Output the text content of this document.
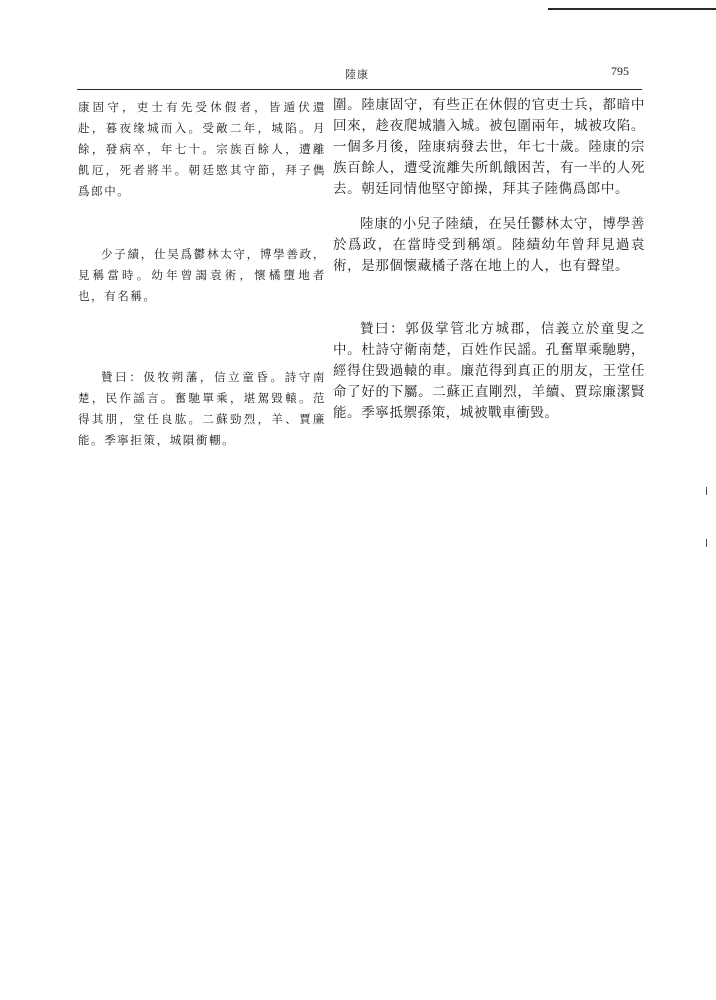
陸康	795

康固守，吏士有先受休假者，皆遁伏還赴，暮夜缘城而入。受敵二年，城陷。月餘，發病卒，年七十。宗族百餘人，遭離飢厄，死者將半。朝廷愍其守節，拜子儁爲郎中。

少子績，仕吴爲鬱林太守，博學善政，見稱當時。幼年曾謁袁術，懷橘墮地者也，有名稱。

贊曰：伋牧朔藩，信立童昏。詩守南楚，民作謡言。奮馳單乘，堪駕毀轅。范得其朋，堂任良肱。二蘇勁烈，羊、賈廉能。季寧拒策，城隕衝輣。

圍。陸康固守，有些正在休假的官吏士兵，都暗中回來，趁夜爬城牆入城。被包圍兩年，城被攻陷。一個多月後，陸康病發去世，年七十歲。陸康的宗族百餘人，遭受流離失所飢餓困苦，有一半的人死去。朝廷同情他堅守節操，拜其子陸儁爲郎中。

陸康的小兒子陸績，在吴任鬱林太守，博學善於爲政，在當時受到稱頌。陸績幼年曾拜見過袁術，是那個懷藏橘子落在地上的人，也有聲望。

贊曰：郭伋掌管北方城郡，信義立於童叟之中。杜詩守衛南楚，百姓作民謡。孔奮單乘馳騁，經得住毀過轅的車。廉范得到真正的朋友，王堂任命了好的下屬。二蘇正直剛烈，羊續、賈琮廉潔賢能。季寧抵禦孫策，城被戰車衝毀。
